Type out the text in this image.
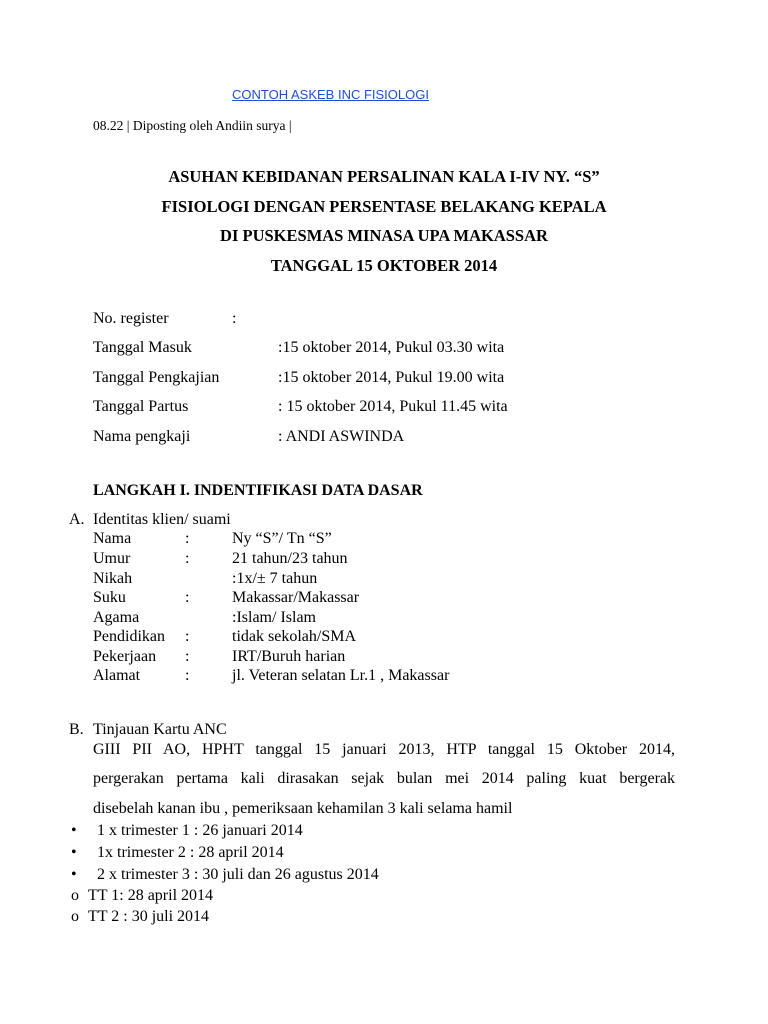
CONTOH ASKEB INC FISIOLOGI
08.22 | Diposting oleh Andiin surya |
ASUHAN KEBIDANAN PERSALINAN KALA I-IV NY. “S”
FISIOLOGI DENGAN PERSENTASE BELAKANG KEPALA
DI PUSKESMAS MINASA UPA MAKASSAR
TANGGAL 15 OKTOBER 2014
No. register	:
Tanggal Masuk	:15 oktober 2014, Pukul 03.30 wita
Tanggal Pengkajian	:15 oktober 2014, Pukul 19.00 wita
Tanggal Partus	: 15 oktober 2014, Pukul 11.45 wita
Nama pengkaji	: ANDI ASWINDA
LANGKAH I. INDENTIFIKASI DATA DASAR
A. Identitas klien/ suami
Nama	:	Ny “S”/ Tn “S”
Umur	:	21 tahun/23 tahun
Nikah	:1x/± 7 tahun
Suku	:	Makassar/Makassar
Agama	:Islam/ Islam
Pendidikan :	tidak sekolah/SMA
Pekerjaan :	IRT/Buruh harian
Alamat	:	jl. Veteran selatan Lr.1 , Makassar
B. Tinjauan Kartu ANC
GIII PII AO, HPHT tanggal 15 januari 2013, HTP tanggal 15 Oktober 2014,
pergerakan pertama kali dirasakan sejak bulan mei 2014 paling kuat bergerak
disebelah kanan ibu , pemeriksaan kehamilan 3 kali selama hamil
• 1 x trimester 1 : 26 januari 2014
• 1x trimester 2 : 28 april 2014
• 2 x trimester 3 : 30 juli dan 26 agustus 2014
o TT 1: 28 april 2014
o TT 2 : 30 juli 2014
